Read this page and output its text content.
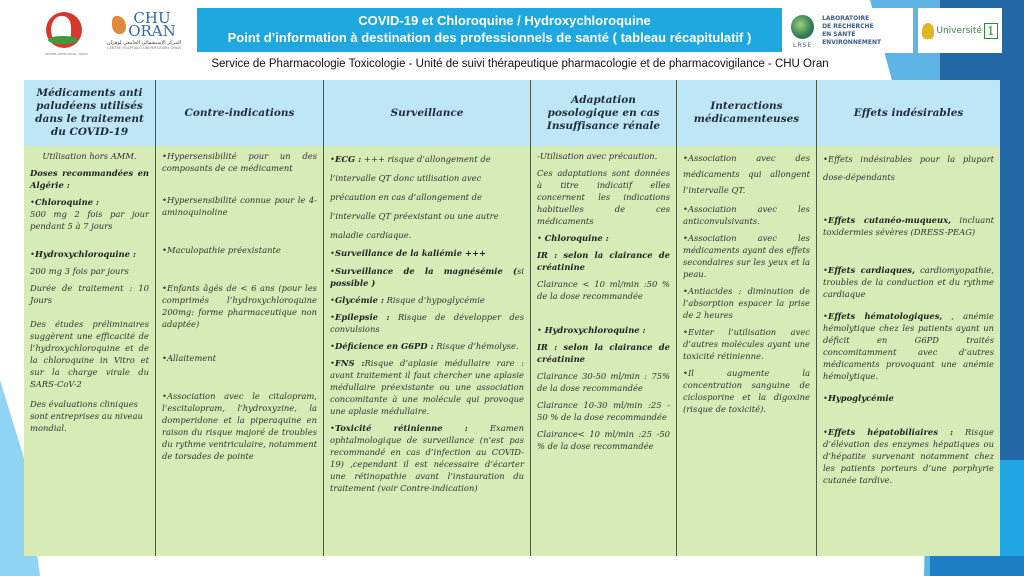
CENTRE ANTIPOISON - ORAN
CHU
ORAN
المركز الإستشفائي الجامعي لوهران
CENTRE HOSPITALO-UNIVERSITAIRE ORAN
COVID-19 et Chloroquine / Hydroxychloroquine
Point d’information à destination des professionnels de santé ( tableau récapitulatif )
LRSE
LABORATOIRE
DE RECHERCHE
EN SANTÉ ENVIRONNEMENT
Université 1
Service de Pharmacologie Toxicologie - Unité de suivi thérapeutique pharmacologie et de pharmacovigilance - CHU Oran
Médicaments anti paludéens utilisés dans le traitement du COVID-19

Utilisation hors AMM.

Doses recommandées en Algérie :

• Chloroquine :

500 mg 2 fois par jour pendant 5 à 7 jours

• Hydroxychloroquine :

200 mg 3 fois par jours

Durée de traitement : 10 Jours

Des études préliminaires suggèrent une efficacité de l’hydroxychloroquine et de la chloroquine in Vitro et sur la charge virale du SARS-CoV-2

Des évaluations cliniques sont entreprises au niveau mondial.

Contre-indications

• Hypersensibilité pour un des composants de ce médicament

• Hypersensibilité connue pour le 4-aminoquinoline

• Maculopathie préexistante

• Enfants âgés de < 6 ans (pour les comprimés l’hydroxychloroquine 200mg: forme pharmaceutique non adaptée)

• Allaitement

• Association avec le citalopram, l’escitalopram, l’hydroxyzine, la domperidone et la piperaquine en raison du risque majoré de troubles du rythme ventriculaire, notamment de torsades de pointe

Surveillance

• ECG : +++ risque d’allongement de l’intervalle QT donc utilisation avec précaution en cas d’allongement de l’intervalle QT préexistant ou une autre maladie cardiaque.

• Surveillance de la kaliémie +++

• Surveillance de la magnésémie (si possible )

• Glycémie : Risque d’hypoglycémie

• Epilepsie : Risque de développer des convulsions

• Déficience en G6PD : Risque d’hémolyse.

• FNS :Risque d’aplasie médullaire rare : avant traitement il faut chercher une aplasie médullaire préexistante ou une association concomitante à une molécule qui provoque une aplasie médullaire.

• Toxicité rétinienne : Examen ophtalmologique de surveillance (n’est pas recommandé en cas d’infection au COVID-19) ,cependant il est nécessaire d’écarter une rétinopathie avant l’instauration du traitement (voir Contre-indication)

Adaptation posologique en cas Insuffisance rénale

-Utilisation avec précaution.

Ces adaptations sont données à titre indicatif elles concernent les indications habituelles de ces médicaments

• Chloroquine :

IR : selon la clairance de créatinine

Clairance < 10 ml/min :50 % de la dose recommandée

• Hydroxychloroquine :

IR : selon la clairance de créatinine

Clairance 30-50 ml/min : 75% de la dose recommandée

Clairance 10-30 ml/min :25 - 50 % de la dose recommandée

Clairance< 10 ml/min :25 -50 % de la dose recommandée

Interactions médicamenteuses

• Association avec des médicaments qui allongent l’intervalle QT.

• Association avec les anticonvulsivants.

• Association avec les médicaments ayant des effets secondaires sur les yeux et la peau.

• Antiacides : diminution de l’absorption espacer la prise de 2 heures

• Eviter l’utilisation avec d’autres molécules ayant une toxicité rétinienne.

• Il augmente la concentration sanguine de ciclosporine et la digoxine (risque de toxicité).

Effets indésirables

• Effets indésirables pour la plupart dose-dépendants

• Effets cutanéo-muqueux, incluant toxidermies sévères (DRESS-PEAG)

• Effets cardiaques, cardiomyopathie, troubles de la conduction et du rythme cardiaque

• Effets hématologiques, , anémie hémolytique chez les patients ayant un déficit en G6PD traités concomitamment avec d’autres médicaments provoquant une anémie hémolytique.

• Hypoglycémie

• Effets hépatobiliaires : Risque d’élévation des enzymes hépatiques ou d’hépatite survenant notamment chez les patients porteurs d’une porphyrie cutanée tardive.
